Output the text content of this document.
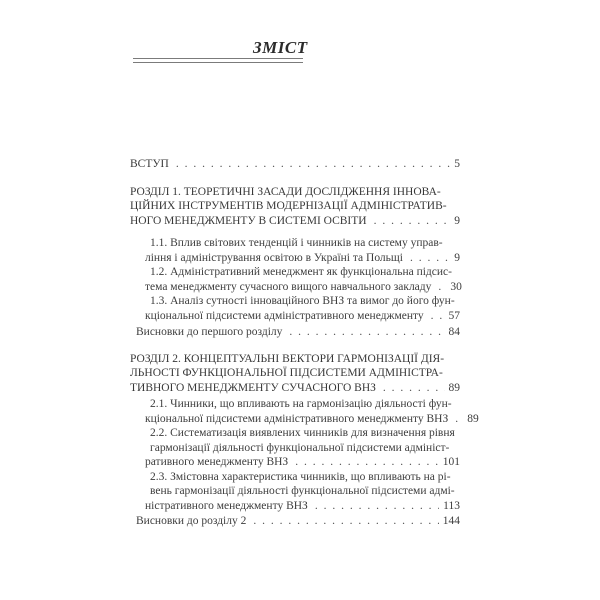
ЗМІСТ
ВСТУП . . .	5
РОЗДІЛ 1. ТЕОРЕТИЧНІ ЗАСАДИ ДОСЛІДЖЕННЯ ІННОВА-
ЦІЙНИХ ІНСТРУМЕНТІВ МОДЕРНІЗАЦІЇ АДМІНІСТРАТИВ-
НОГО МЕНЕДЖМЕНТУ В СИСТЕМІ ОСВІТИ . . .	9
1.1. Вплив світових тенденцій і чинників на систему управ-
ління і адміністрування освітою в Україні та Польщі . . .	9
1.2. Адміністративний менеджмент як функціональна підсис-
тема менеджменту сучасного вищого навчального закладу . . . 30
1.3. Аналіз сутності інноваційного ВНЗ та вимог до його фун-
кціональної підсистеми адміністративного менеджменту . . . 57
Висновки до першого розділу . . .	84
РОЗДІЛ 2. КОНЦЕПТУАЛЬНІ ВЕКТОРИ ГАРМОНІЗАЦІЇ ДІЯ-
ЛЬНОСТІ ФУНКЦІОНАЛЬНОЇ ПІДСИСТЕМИ АДМІНІСТРА-
ТИВНОГО МЕНЕДЖМЕНТУ СУЧАСНОГО ВНЗ . . .	89
2.1. Чинники, що впливають на гармонізацію діяльності фун-
кціональної підсистеми адміністративного менеджменту ВНЗ . . . 89
2.2. Систематизація виявлених чинників для визначення рівня
гармонізації діяльності функціональної підсистеми адмініст-
ративного менеджменту ВНЗ . . .	101
2.3. Змістовна характеристика чинників, що впливають на рі-
вень гармонізації діяльності функціональної підсистеми адмі-
ністративного менеджменту ВНЗ . . .	113
Висновки до розділу 2 . . .	144
